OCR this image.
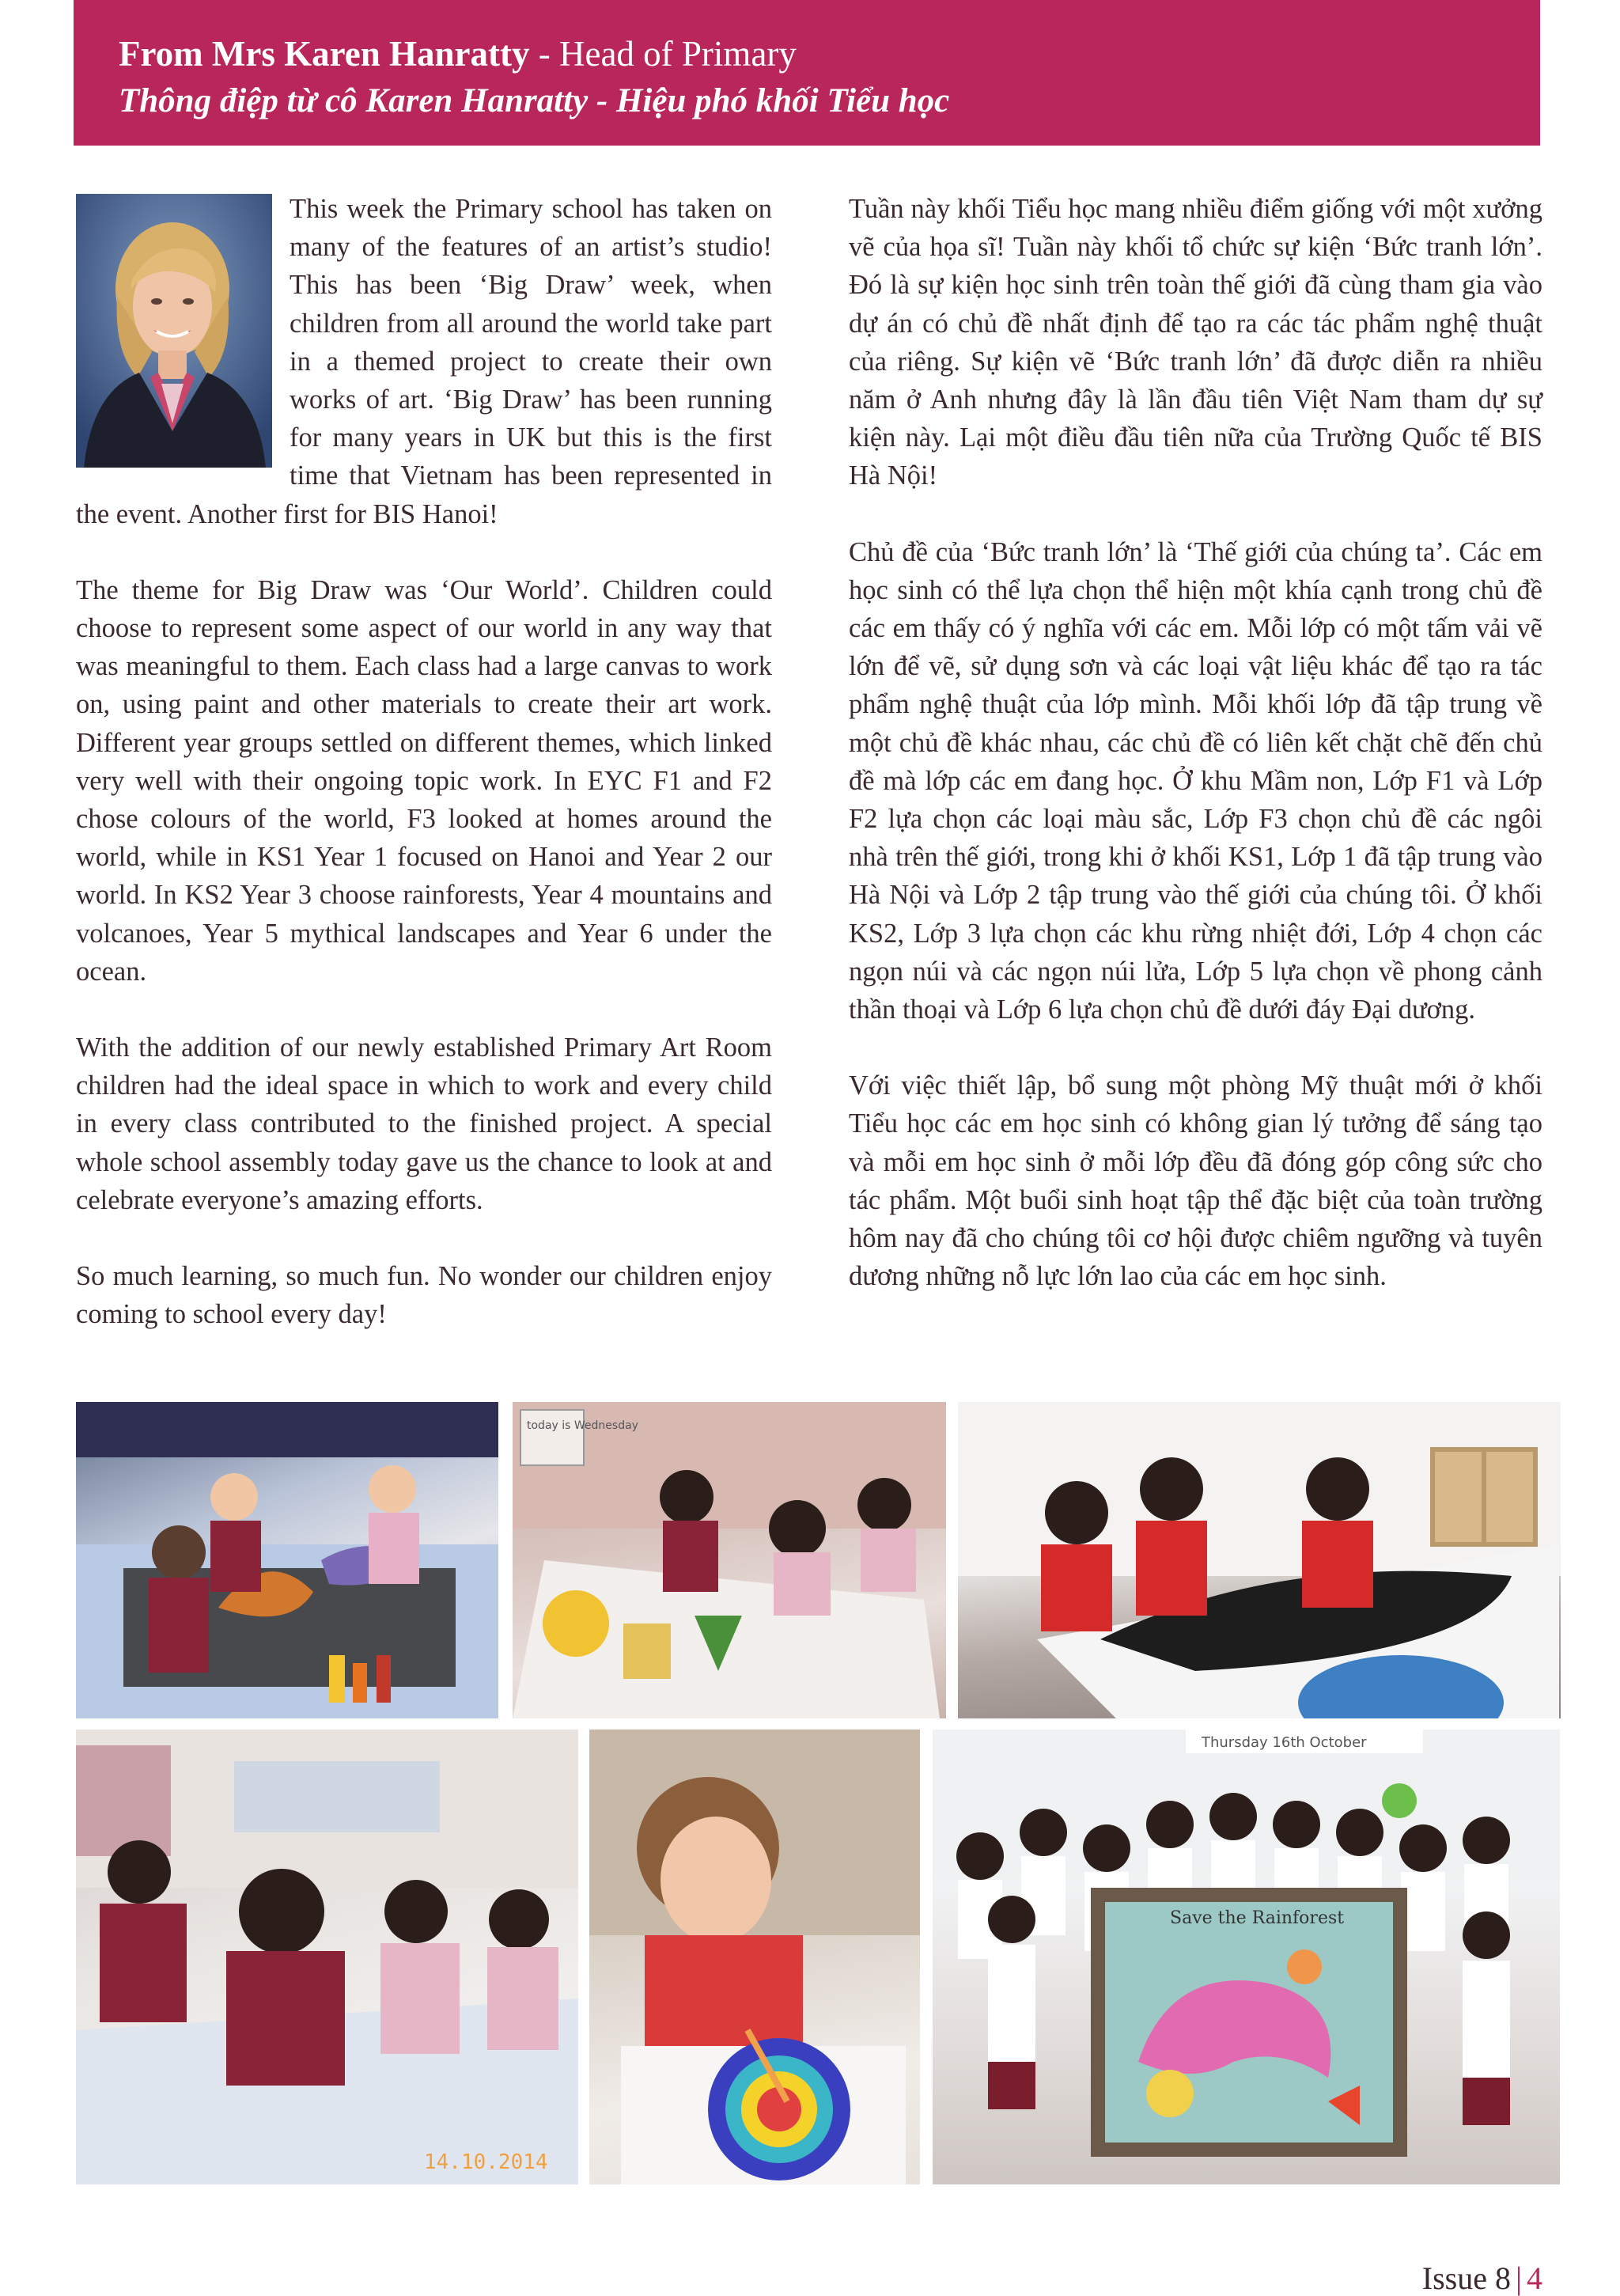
From Mrs Karen Hanratty - Head of Primary
Thông điệp từ cô Karen Hanratty - Hiệu phó khối Tiểu học

This week the Primary school has taken on many of the features of an artist’s studio! This has been ‘Big Draw’ week, when children from all around the world take part in a themed project to create their own works of art. ‘Big Draw’ has been running for many years in UK but this is the first time that Vietnam has been represented in the event. Another first for BIS Hanoi!

The theme for Big Draw was ‘Our World’. Children could choose to represent some aspect of our world in any way that was meaningful to them. Each class had a large canvas to work on, using paint and other materials to create their art work. Different year groups settled on different themes, which linked very well with their ongoing topic work. In EYC F1 and F2 chose colours of the world, F3 looked at homes around the world, while in KS1 Year 1 focused on Hanoi and Year 2 our world. In KS2 Year 3 choose rainforests, Year 4 mountains and volcanoes, Year 5 mythical landscapes and Year 6 under the ocean.

With the addition of our newly established Primary Art Room children had the ideal space in which to work and every child in every class contributed to the finished project. A special whole school assembly today gave us the chance to look at and celebrate everyone’s amazing efforts.

So much learning, so much fun. No wonder our children enjoy coming to school every day!

Tuần này khối Tiểu học mang nhiều điểm giống với một xưởng vẽ của họa sĩ! Tuần này khối tổ chức sự kiện ‘Bức tranh lớn’. Đó là sự kiện học sinh trên toàn thế giới đã cùng tham gia vào dự án có chủ đề nhất định để tạo ra các tác phẩm nghệ thuật của riêng. Sự kiện vẽ ‘Bức tranh lớn’ đã được diễn ra nhiều năm ở Anh nhưng đây là lần đầu tiên Việt Nam tham dự sự kiện này. Lại một điều đầu tiên nữa của Trường Quốc tế BIS Hà Nội!

Chủ đề của ‘Bức tranh lớn’ là ‘Thế giới của chúng ta’. Các em học sinh có thể lựa chọn thể hiện một khía cạnh trong chủ đề các em thấy có ý nghĩa với các em. Mỗi lớp có một tấm vải vẽ lớn để vẽ, sử dụng sơn và các loại vật liệu khác để tạo ra tác phẩm nghệ thuật của lớp mình. Mỗi khối lớp đã tập trung về một chủ đề khác nhau, các chủ đề có liên kết chặt chẽ đến chủ đề mà lớp các em đang học. Ở khu Mầm non, Lớp F1 và Lớp F2 lựa chọn các loại màu sắc, Lớp F3 chọn chủ đề các ngôi nhà trên thế giới, trong khi ở khối KS1, Lớp 1 đã tập trung vào Hà Nội và Lớp 2 tập trung vào thế giới của chúng tôi. Ở khối KS2, Lớp 3 lựa chọn các khu rừng nhiệt đới, Lớp 4 chọn các ngọn núi và các ngọn núi lửa, Lớp 5 lựa chọn về phong cảnh thần thoại và Lớp 6 lựa chọn chủ đề dưới đáy Đại dương.

Với việc thiết lập, bổ sung một phòng Mỹ thuật mới ở khối Tiểu học các em học sinh có không gian lý tưởng để sáng tạo và mỗi em học sinh ở mỗi lớp đều đã đóng góp công sức cho tác phẩm. Một buổi sinh hoạt tập thể đặc biệt của toàn trường hôm nay đã cho chúng tôi cơ hội được chiêm ngưỡng và tuyên dương những nỗ lực lớn lao của các em học sinh.

today is Wednesday
14.10.2014
Thursday 16th October
Save the Rainforest
Issue 8 | 4
